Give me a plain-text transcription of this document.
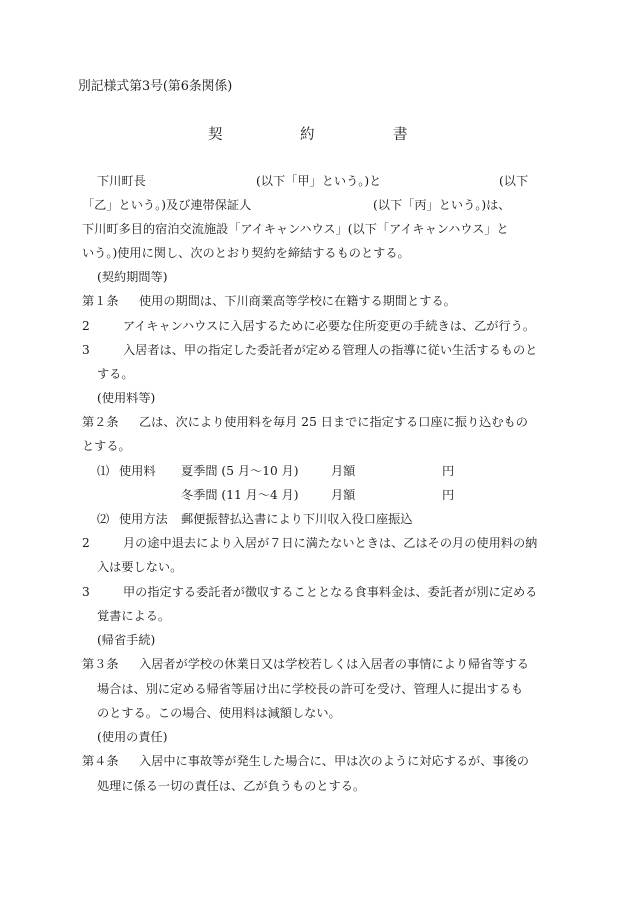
別記様式第3号(第6条関係)
契	約	書
下川町長	(以下「甲」という。)と	(以下
「乙」という。)及び連帯保証人	(以下「丙」という。)は、
下川町多目的宿泊交流施設「アイキャンハウス」(以下「アイキャンハウス」と
いう。)使用に関し、次のとおり契約を締結するものとする。
(契約期間等)
第１条 使用の期間は、下川商業高等学校に在籍する期間とする。
2	アイキャンハウスに入居するために必要な住所変更の手続きは、乙が行う。
3	入居者は、甲の指定した委託者が定める管理人の指導に従い生活するものと
する。
(使用料等)
第２条 乙は、次により使用料を毎月 25 日までに指定する口座に振り込むもの
とする。
⑴ 使用料 夏季間 (5 月～10 月)	月額	円
冬季間 (11 月～4 月)	月額	円
⑵ 使用方法 郵便振替払込書により下川収入役口座振込
2	月の途中退去により入居が７日に満たないときは、乙はその月の使用料の納
入は要しない。
3	甲の指定する委託者が徴収することとなる食事料金は、委託者が別に定める
覚書による。
(帰省手続)
第３条 入居者が学校の休業日又は学校若しくは入居者の事情により帰省等する
場合は、別に定める帰省等届け出に学校長の許可を受け、管理人に提出するも
のとする。この場合、使用料は減額しない。
(使用の責任)
第４条 入居中に事故等が発生した場合に、甲は次のように対応するが、事後の
処理に係る一切の責任は、乙が負うものとする。
